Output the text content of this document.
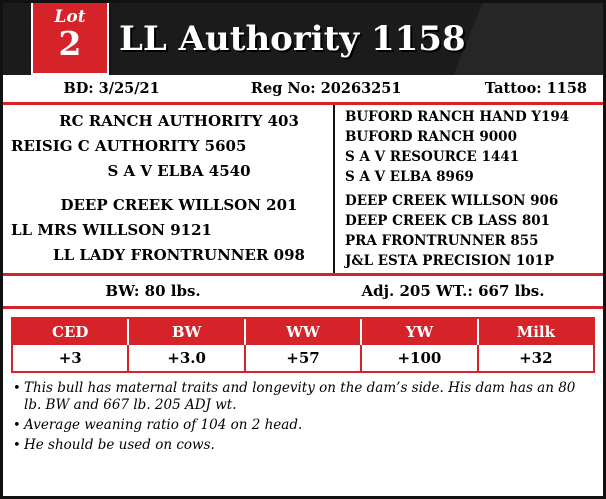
Lot
2	LL Authority 1158
BD: 3/25/21	Reg No: 20263251	Tattoo: 1158
RC RANCH AUTHORITY 403
REISIG C AUTHORITY 5605
S A V ELBA 4540
BUFORD RANCH HAND Y194
BUFORD RANCH 9000
S A V RESOURCE 1441
S A V ELBA 8969
DEEP CREEK WILLSON 201
LL MRS WILLSON 9121
LL LADY FRONTRUNNER 098
DEEP CREEK WILLSON 906
DEEP CREEK CB LASS 801
PRA FRONTRUNNER 855
J&L ESTA PRECISION 101P
BW: 80 lbs.	Adj. 205 WT.: 667 lbs.
CED	BW	WW	YW	Milk
+3	+3.0	+57	+100	+32
• This bull has maternal traits and longevity on the dam’s side. His dam has an 80 lb. BW and 667 lb. 205 ADJ wt.
• Average weaning ratio of 104 on 2 head.
• He should be used on cows.
